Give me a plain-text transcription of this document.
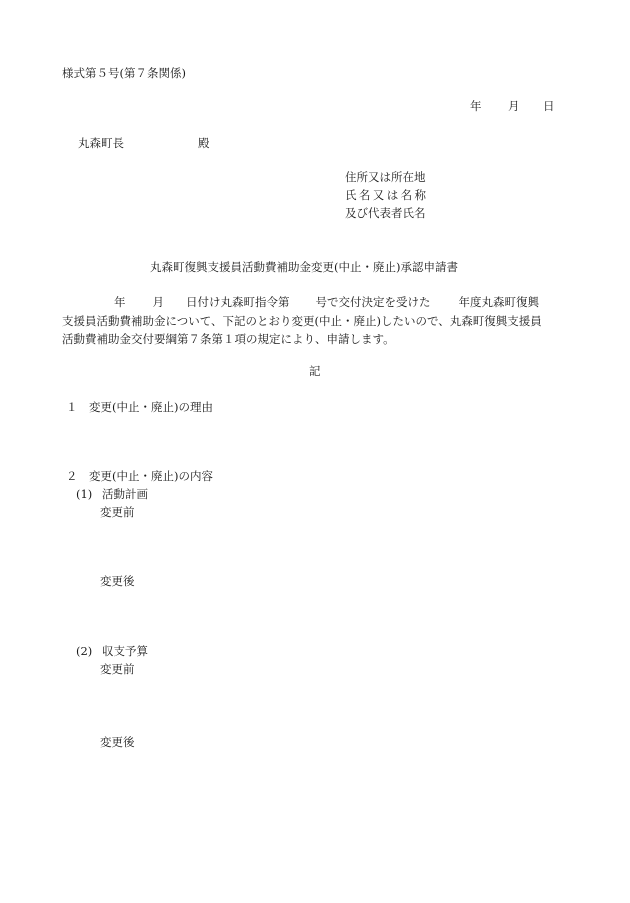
様式第５号(第７条関係)
年 月 日
丸森町長	殿
住所又は所在地
氏名又は名称
及び代表者氏名
丸森町復興支援員活動費補助金変更(中止・廃止)承認申請書

年 月 日付け丸森町指令第 号で交付決定を受けた 年度丸森町復興

支援員活動費補助金について、下記のとおり変更(中止・廃止)したいので、丸森町復興支援員

活動費補助金交付要綱第７条第１項の規定により、申請します。

記
１ 変更(中止・廃止)の理由
２ 変更(中止・廃止)の内容
(1) 活動計画
変更前
変更後
(2) 収支予算
変更前
変更後
